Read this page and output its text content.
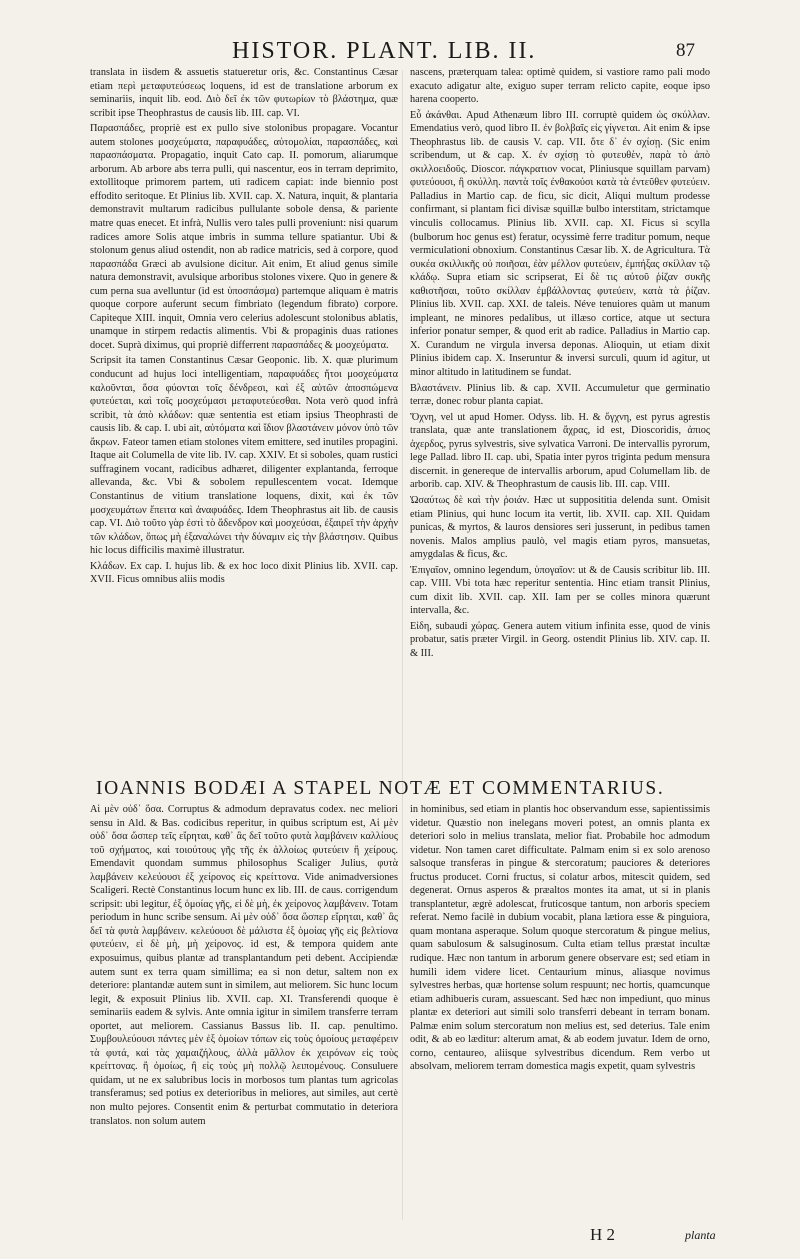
HISTOR. PLANT. LIB. II.	87

translata in iisdem & assuetis statueretur oris, &c. Constantinus Cæsar etiam περὶ μεταφυτεύσεως loquens, id est de translatione arborum ex seminariis, inquit lib. eod. Διὸ δεῖ ἐκ τῶν φυτωρίων τὸ βλάστημα, quæ scribit ipse Theophrastus de causis lib. III. cap. VI.

Παρασπάδες, propriè est ex pullo sive stolonibus propagare. Vocantur autem stolones μοσχεύματα, παραφυάδες, αὐτομολίαι, παρασπάδες, καὶ παρασπάσματα. Propagatio, inquit Cato cap. II. pomorum, aliarumque arborum. Ab arbore abs terra pulli, qui nascentur, eos in terram deprimito, extollitoque primorem partem, uti radicem capiat: inde biennio post effodito seritoque. Et Plinius lib. XVII. cap. X. Natura, inquit, & plantaria demonstravit multarum radicibus pullulante sobole densa, & pariente matre quas enecet. Et infrà, Nullis vero tales pulli proveniunt: nisi quarum radices amore Solis atque imbris in summa tellure spatiantur. Ubi & stolonum genus aliud ostendit, non ab radice matricis, sed à corpore, quod παρασπάδα Græci ab avulsione dicitur. Ait enim, Et aliud genus simile natura demonstravit, avulsique arboribus stolones vixere. Quo in genere & cum perna sua avelluntur (id est ὑποσπάσμα) partemque aliquam è matris quoque corpore auferunt secum fimbriato (legendum fibrato) corpore. Capiteque XIII. inquit, Omnia vero celerius adolescunt stolonibus ablatis, unamque in stirpem redactis alimentis. Vbi & propaginis duas rationes docet. Suprà diximus, qui propriè differrent παρασπάδες & μοσχεύματα.

Scripsit ita tamen Constantinus Cæsar Geoponic. lib. X. quæ plurimum conducunt ad hujus loci intelligentiam, παραφυάδες ἤτοι μοσχεύματα καλοῦνται, ὅσα φύονται τοῖς δένδρεσι, καὶ ἐξ αὐτῶν ἀποσπώμενα φυτεύεται, καὶ τοῖς μοσχεύμασι μεταφυτεύεσθαι. Nota verò quod infrà scribit, τὰ ἀπὸ κλάδων: quæ sententia est etiam ipsius Theophrasti de causis lib. & cap. I. ubi ait, αὐτόματα καὶ ἴδιον βλαστάνειν μόνον ὑπὸ τῶν ἄκρων. Fateor tamen etiam stolones vitem emittere, sed inutiles propagini. Itaque ait Columella de vite lib. IV. cap. XXIV. Et si soboles, quam rustici suffraginem vocant, radicibus adhæret, diligenter explantanda, ferroque allevanda, &c. Vbi & sobolem repullescentem vocat. Idemque Constantinus de vitium translatione loquens, dixit, καὶ ἐκ τῶν μοσχευμάτων ἔπειτα καὶ ἀναφυάδες. Idem Theophrastus ait lib. de causis cap. VI. Διὸ τοῦτο γὰρ ἐστὶ τὸ ἄδενδρον καὶ μοσχεύσαι, ἐξαιρεῖ τὴν ἀρχὴν τῶν κλάδων, ὅπως μὴ ἐξαναλώνει τὴν δύναμιν εἰς τὴν βλάστησιν. Quibus hic locus difficilis maximè illustratur.

Κλάδων. Ex cap. I. hujus lib. & ex hoc loco dixit Plinius lib. XVII. cap. XVII. Ficus omnibus aliis modis

nascens, præterquam talea: optimè quidem, si vastiore ramo pali modo exacuto adigatur alte, exiguo super terram relicto capite, eoque ipso harena cooperto.

Εὖ ἀκάνθαι. Apud Athenæum libro III. corruptè quidem ὡς σκύλλαν. Emendatius verò, quod libro II. ἐν βολβαῖς εἰς γίγνεται. Ait enim & ipse Theophrastus lib. de causis V. cap. VII. ὅτε δ᾽ ἐν σχίσῃ. (Sic enim scribendum, ut & cap. X. ἐν σχίσῃ τὸ φυτευθὲν, παρὰ τὸ ἀπὸ σκιλλοειδοῦς. Dioscor. πάγκρατιον vocat, Pliniusque squillam parvam) φυτεύουσι, ἢ σκύλλη. παντὰ τοῖς ἐνθακούσι κατὰ τὰ ἐντεῦθεν φυτεύειν. Palladius in Martio cap. de ficu, sic dicit, Aliqui multum prodesse confirmant, si plantam fici divisæ squillæ bulbo interstitam, strictamque vinculis collocamus. Plinius lib. XVII. cap. XI. Ficus si scylla (bulborum hoc genus est) feratur, ocyssimè ferre traditur pomum, neque vermiculationi obnoxium. Constantinus Cæsar lib. X. de Agricultura. Τὰ συκέα σκιλλικῆς οὐ ποιῆσαι, ἐὰν μέλλον φυτεύειν, ἐμπήξας σκίλλαν τῷ κλάδῳ. Supra etiam sic scripserat, Εἰ δὲ τις αὐτοῦ ῥίζαν συκῆς καθιστῆσαι, τοῦτο σκίλλαν ἐμβάλλοντας φυτεύειν, κατὰ τὰ ῥίζαν. Plinius lib. XVII. cap. XXI. de taleis. Néve tenuiores quàm ut manum impleant, ne minores pedalibus, ut illæso cortice, atque ut sectura inferior ponatur semper, & quod erit ab radice. Palladius in Martio cap. X. Curandum ne virgula inversa deponas. Alioquin, ut etiam dixit Plinius ibidem cap. X. Inseruntur & inversi surculi, quum id agitur, ut minor altitudo in latitudinem se fundat.

Βλαστάνειν. Plinius lib. & cap. XVII. Accumuletur que germinatio terræ, donec robur planta capiat.

Ὄχνη, vel ut apud Homer. Odyss. lib. H. & ὄγχνη, est pyrus agrestis translata, quæ ante translationem ἄχρας, id est, Dioscoridis, ἀπιος ἀχερδος, pyrus sylvestris, sive sylvatica Varroni. De intervallis pyrorum, lege Pallad. libro II. cap. ubi, Spatia inter pyros triginta pedum mensura discernit. in genereque de intervallis arborum, apud Columellam lib. de arborib. cap. XIV. & Theophrastum de causis lib. III. cap. VIII.

Ὡσαύτως δὲ καὶ τὴν ῥοιάν. Hæc ut supposititia delenda sunt. Omisit etiam Plinius, qui hunc locum ita vertit, lib. XVII. cap. XII. Quidam punicas, & myrtos, & lauros densiores seri jusserunt, in pedibus tamen novenis. Malos amplius paulò, vel magis etiam pyros, mansuetas, amygdalas & ficus, &c.

Ἐπιγαῖον, omnino legendum, ὑπογαῖον: ut & de Causis scribitur lib. III. cap. VIII. Vbi tota hæc reperitur sententia. Hinc etiam transit Plinius, cum dixit lib. XVII. cap. XII. Iam per se colles minora quærunt intervalla, &c.

Εἰδη, subaudi χώρας. Genera autem vitium infinita esse, quod de vinis probatur, satis præter Virgil. in Georg. ostendit Plinius lib. XIV. cap. II. & III.

IOANNIS BODÆI A STAPEL NOTÆ ET COMMENTARIUS.

Αἱ μὲν οὐδ᾽ ὅσα. Corruptus & admodum depravatus codex. nec meliori sensu in Ald. & Bas. codicibus reperitur, in quibus scriptum est, Αἱ μὲν οὐδ᾽ ὅσα ὥσπερ τεῖς εἴρηται, καθ᾽ ἃς δεῖ τοῦτο φυτὰ λαμβάνειν καλλίους τοῦ σχήματος, καὶ τοιούτους γῆς τῆς ἐκ ἀλλοίως φυτεύειν ἢ χείρους. Emendavit quondam summus philosophus Scaliger Julius, φυτὰ λαμβάνειν κελεύουσι ἐξ χείρονος εἰς κρείττονα. Vide animadversiones Scaligeri. Rectè Constantinus locum hunc ex lib. III. de caus. corrigendum scripsit: ubi legitur, ἐξ ὁμοίας γῆς, εἰ δὲ μὴ, ἐκ χείρονος λαμβάνειν. Totam periodum in hunc scribe sensum. Αἱ μὲν οὐδ᾽ ὅσα ὥσπερ εἴρηται, καθ᾽ ἃς δεῖ τὰ φυτὰ λαμβάνειν. κελεύουσι δὲ μάλιστα ἐξ ὁμοίας γῆς εἰς βελτίονα φυτεύειν, εἰ δὲ μὴ, μὴ χείρονος. id est, & tempora quidem ante exposuimus, quibus plantæ ad transplantandum peti debent. Accipiendæ autem sunt ex terra quam simillima; ea si non detur, saltem non ex deteriore: plantandæ autem sunt in similem, aut meliorem. Sic hunc locum legit, & exposuit Plinius lib. XVII. cap. XI. Transferendi quoque è seminariis eadem & sylvis. Ante omnia igitur in similem transferre terram oportet, aut meliorem. Cassianus Bassus lib. II. cap. penultimo. Συμβουλεύουσι πάντες μὲν ἐξ ὁμοίων τόπων εἰς τοὺς ὁμοίους μεταφέρειν τὰ φυτά, καὶ τὰς χαμαιζήλους, ἀλλὰ μᾶλλον ἐκ χειρόνων εἰς τοὺς κρείττονας. ἢ ὁμοίως, ἢ εἰς τοὺς μὴ πολλῷ λειπομένους. Consuluere quidam, ut ne ex salubribus locis in morbosos tum plantas tum agricolas transferamus; sed potius ex deterioribus in meliores, aut similes, aut certè non multo pejores. Consentit enim & perturbat commutatio in deteriora translatos. non solum autem

in hominibus, sed etiam in plantis hoc observandum esse, sapientissimis videtur. Quæstio non inelegans moveri potest, an omnis planta ex deteriori solo in melius translata, melior fiat. Probabile hoc admodum videtur. Non tamen caret difficultate. Palmam enim si ex solo arenoso salsoque transferas in pingue & stercoratum; pauciores & deteriores fructus producet. Corni fructus, si colatur arbos, mitescit quidem, sed degenerat. Ornus asperos & præaltos montes ita amat, ut si in planis transplantetur, ægrè adolescat, fruticosque tantum, non arboris speciem referat. Nemo facilè in dubium vocabit, plana lætiora esse & pinguiora, quam montana asperaque. Solum quoque stercoratum & pingue melius, quam sabulosum & salsuginosum. Culta etiam tellus præstat incultæ rudique. Hæc non tantum in arborum genere observare est; sed etiam in humili idem videre licet. Centaurium minus, aliasque novimus sylvestres herbas, quæ hortense solum respuunt; nec hortis, quamcunque etiam adhibueris curam, assuescant. Sed hæc non impediunt, quo minus plantæ ex deteriori aut simili solo transferri debeant in terram bonam. Palmæ enim solum stercoratum non melius est, sed deterius. Tale enim odit, & ab eo læditur: alterum amat, & ab eodem juvatur. Idem de orno, corno, centaureo, aliisque sylvestribus dicendum. Rem verbo ut absolvam, meliorem terram domestica magis expetit, quam sylvestris

H 2	planta
